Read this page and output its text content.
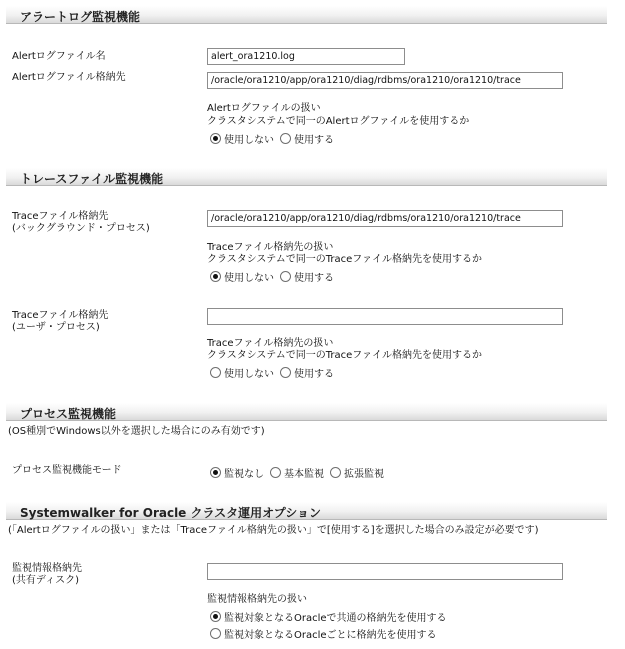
アラートログ監視機能
Alertログファイル名
alert_ora1210.log
Alertログファイル格納先
/oracle/ora1210/app/ora1210/diag/rdbms/ora1210/ora1210/trace
Alertログファイルの扱い
クラスタシステムで同一のAlertログファイルを使用するか
使用しない 使用する
トレースファイル監視機能
Traceファイル格納先
(バックグラウンド・プロセス)
/oracle/ora1210/app/ora1210/diag/rdbms/ora1210/ora1210/trace
Traceファイル格納先の扱い
クラスタシステムで同一のTraceファイル格納先を使用するか
使用しない 使用する
Traceファイル格納先
(ユーザ・プロセス)
Traceファイル格納先の扱い
クラスタシステムで同一のTraceファイル格納先を使用するか
使用しない 使用する
プロセス監視機能
(OS種別でWindows以外を選択した場合にのみ有効です)
プロセス監視機能モード	監視なし 基本監視 拡張監視
Systemwalker for Oracle クラスタ運用オプション
(「Alertログファイルの扱い」または「Traceファイル格納先の扱い」で[使用する]を選択した場合のみ設定が必要です)
監視情報格納先
(共有ディスク)
監視情報格納先の扱い
監視対象となるOracleで共通の格納先を使用する
監視対象となるOracleごとに格納先を使用する
